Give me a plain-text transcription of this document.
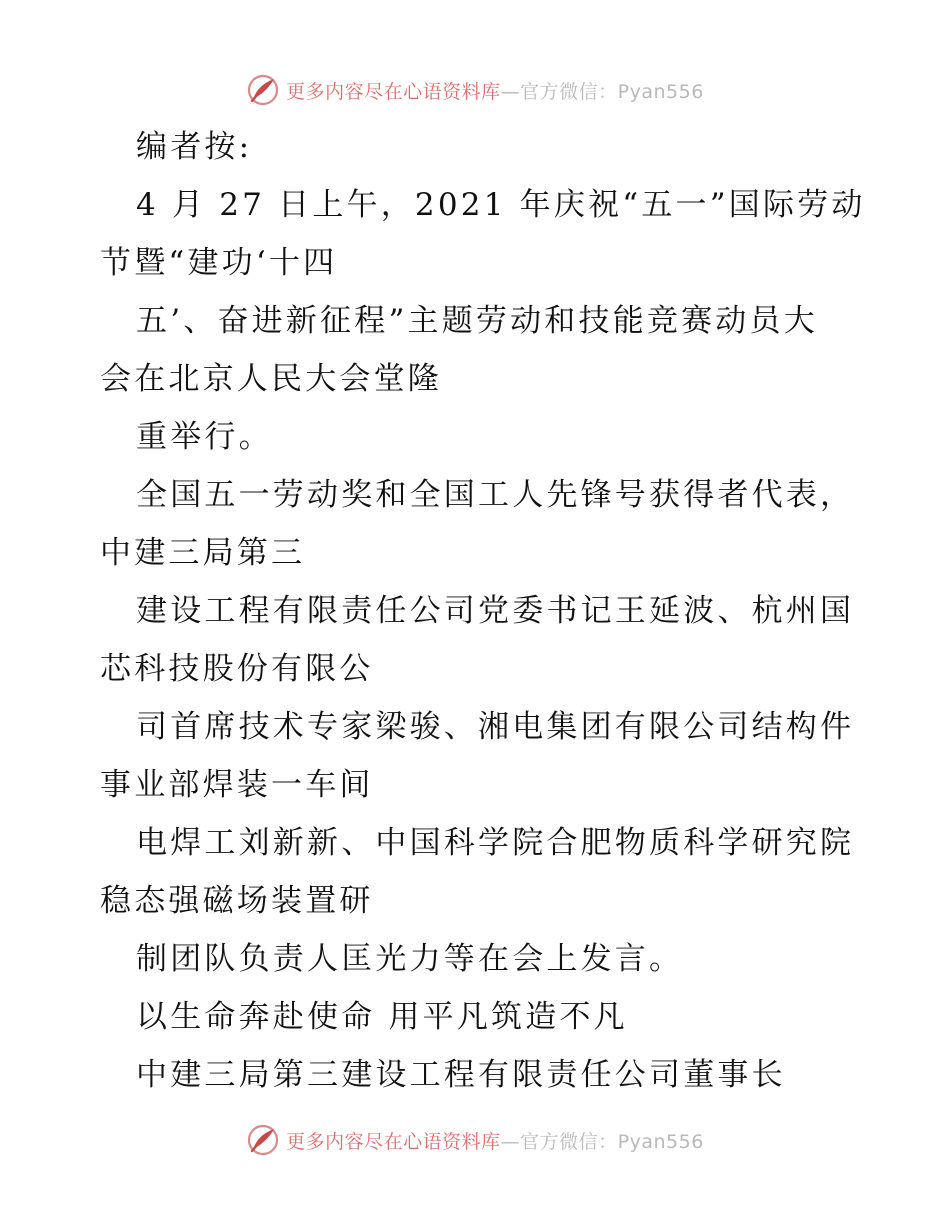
更多内容尽在心语资料库—官方微信：Pyan556

编者按:

4 月 27 日上午，2021 年庆祝“五一”国际劳动

节暨“建功‘十四

五’、奋进新征程”主题劳动和技能竞赛动员大

会在北京人民大会堂隆

重举行。

全国五一劳动奖和全国工人先锋号获得者代表，

中建三局第三

建设工程有限责任公司党委书记王延波、杭州国

芯科技股份有限公

司首席技术专家梁骏、湘电集团有限公司结构件

事业部焊装一车间

电焊工刘新新、中国科学院合肥物质科学研究院

稳态强磁场装置研

制团队负责人匡光力等在会上发言。

以生命奔赴使命 用平凡筑造不凡

中建三局第三建设工程有限责任公司董事长

更多内容尽在心语资料库—官方微信：Pyan556
